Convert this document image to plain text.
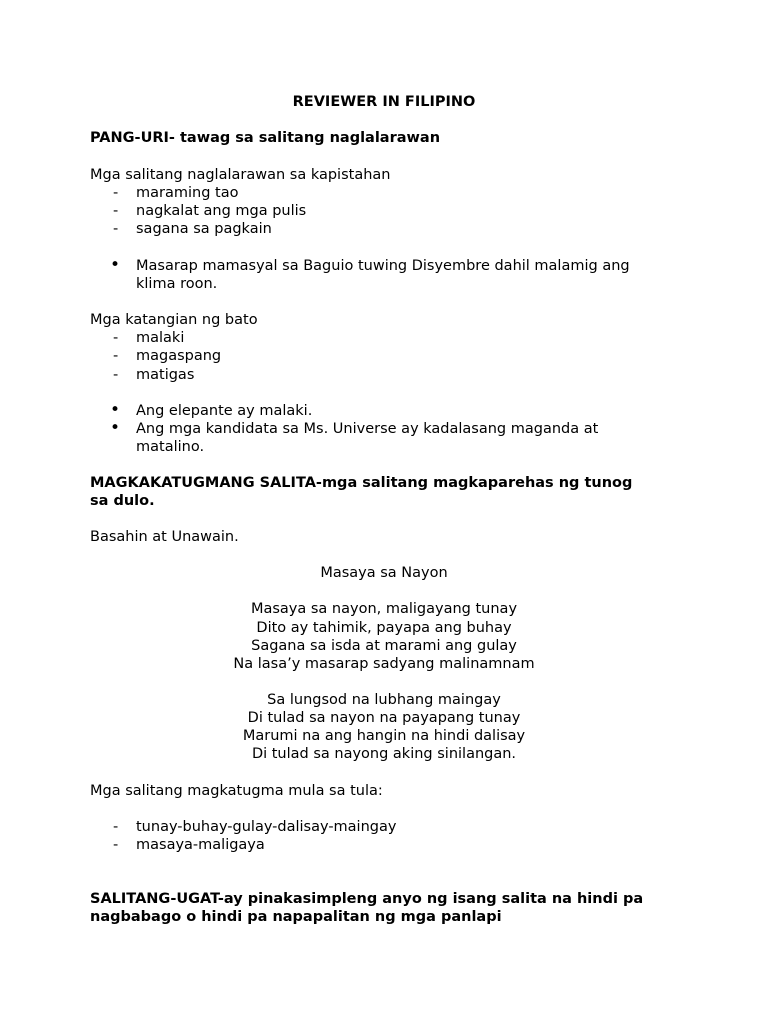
REVIEWER IN FILIPINO
PANG-URI- tawag sa salitang naglalarawan
Mga salitang naglalarawan sa kapistahan
- maraming tao
- nagkalat ang mga pulis
- sagana sa pagkain
• Masarap mamasyal sa Baguio tuwing Disyembre dahil malamig ang
klima roon.
Mga katangian ng bato
- malaki
- magaspang
- matigas
• Ang elepante ay malaki.
• Ang mga kandidata sa Ms. Universe ay kadalasang maganda at
matalino.
MAGKAKATUGMANG SALITA-mga salitang magkaparehas ng tunog
sa dulo.
Basahin at Unawain.
Masaya sa Nayon
Masaya sa nayon, maligayang tunay
Dito ay tahimik, payapa ang buhay
Sagana sa isda at marami ang gulay
Na lasa’y masarap sadyang malinamnam
Sa lungsod na lubhang maingay
Di tulad sa nayon na payapang tunay
Marumi na ang hangin na hindi dalisay
Di tulad sa nayong aking sinilangan.
Mga salitang magkatugma mula sa tula:
- tunay-buhay-gulay-dalisay-maingay
- masaya-maligaya
SALITANG-UGAT-ay pinakasimpleng anyo ng isang salita na hindi pa
nagbabago o hindi pa napapalitan ng mga panlapi
